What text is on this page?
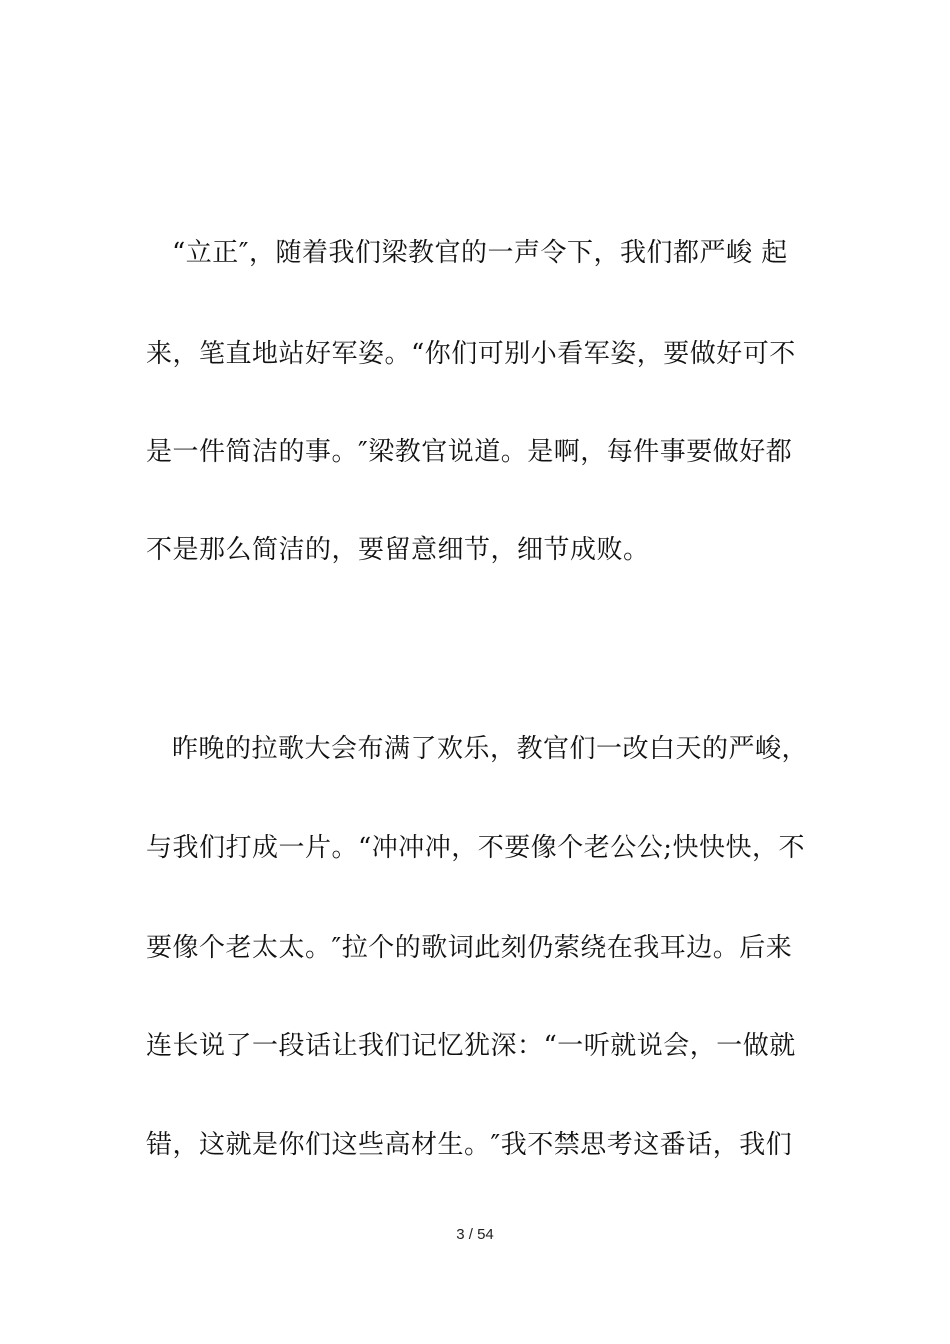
“立正″，随着我们梁教官的一声令下，我们都严峻 起
来，笔直地站好军姿。“你们可别小看军姿，要做好可不
是一件简洁的事。″梁教官说道。是啊，每件事要做好都
不是那么简洁的，要留意细节，细节成败。
昨晚的拉歌大会布满了欢乐，教官们一改白天的严峻，
与我们打成一片。“冲冲冲，不要像个老公公;快快快，不
要像个老太太。″拉个的歌词此刻仍萦绕在我耳边。后来
连长说了一段话让我们记忆犹深：“一听就说会，一做就
错，这就是你们这些高材生。″我不禁思考这番话，我们
3 / 54
